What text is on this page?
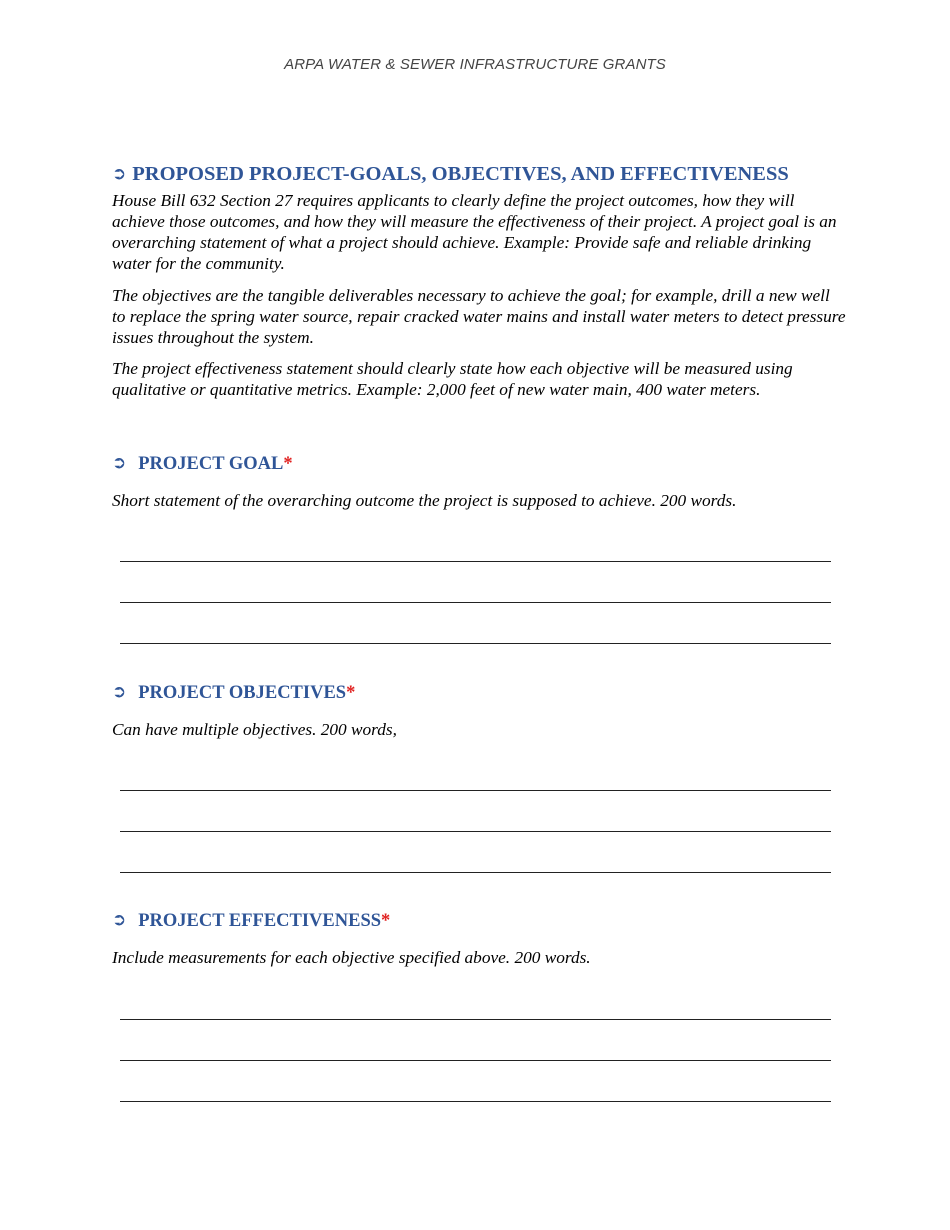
ARPA WATER & SEWER INFRASTRUCTURE GRANTS
➲ PROPOSED PROJECT-GOALS, OBJECTIVES, AND EFFECTIVENESS
House Bill 632 Section 27 requires applicants to clearly define the project outcomes, how they will achieve those outcomes, and how they will measure the effectiveness of their project. A project goal is an overarching statement of what a project should achieve. Example: Provide safe and reliable drinking water for the community.
The objectives are the tangible deliverables necessary to achieve the goal; for example, drill a new well to replace the spring water source, repair cracked water mains and install water meters to detect pressure issues throughout the system.
The project effectiveness statement should clearly state how each objective will be measured using qualitative or quantitative metrics. Example: 2,000 feet of new water main, 400 water meters.
➲ PROJECT GOAL*
Short statement of the overarching outcome the project is supposed to achieve. 200 words.
➲ PROJECT OBJECTIVES*
Can have multiple objectives. 200 words,
➲ PROJECT EFFECTIVENESS*
Include measurements for each objective specified above. 200 words.
